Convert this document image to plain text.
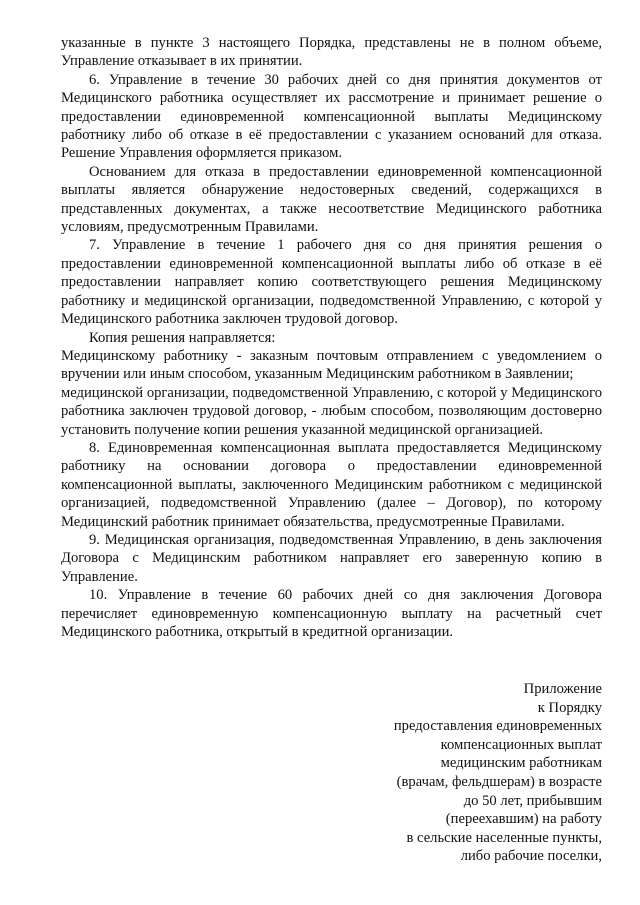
указанные в пункте 3 настоящего Порядка, представлены не в полном объеме, Управление отказывает в их принятии.

6. Управление в течение 30 рабочих дней со дня принятия документов от Медицинского работника осуществляет их рассмотрение и принимает решение о предоставлении единовременной компенсационной выплаты Медицинскому работнику либо об отказе в её предоставлении с указанием оснований для отказа. Решение Управления оформляется приказом.

Основанием для отказа в предоставлении единовременной компенсационной выплаты является обнаружение недостоверных сведений, содержащихся в представленных документах, а также несоответствие Медицинского работника условиям, предусмотренным Правилами.

7. Управление в течение 1 рабочего дня со дня принятия решения о предоставлении единовременной компенсационной выплаты либо об отказе в её предоставлении направляет копию соответствующего решения Медицинскому работнику и медицинской организации, подведомственной Управлению, с которой у Медицинского работника заключен трудовой договор.

Копия решения направляется:

Медицинскому работнику - заказным почтовым отправлением с уведомлением о вручении или иным способом, указанным Медицинским работником в Заявлении;

медицинской организации, подведомственной Управлению, с которой у Медицинского работника заключен трудовой договор, - любым способом, позволяющим достоверно установить получение копии решения указанной медицинской организацией.

8. Единовременная компенсационная выплата предоставляется Медицинскому работнику на основании договора о предоставлении единовременной компенсационной выплаты, заключенного Медицинским работником с медицинской организацией, подведомственной Управлению (далее – Договор), по которому Медицинский работник принимает обязательства, предусмотренные Правилами.

9. Медицинская организация, подведомственная Управлению, в день заключения Договора с Медицинским работником направляет его заверенную копию в Управление.

10. Управление в течение 60 рабочих дней со дня заключения Договора перечисляет единовременную компенсационную выплату на расчетный счет Медицинского работника, открытый в кредитной организации.

Приложение
к Порядку
предоставления единовременных
компенсационных выплат
медицинским работникам
(врачам, фельдшерам) в возрасте
до 50 лет, прибывшим
(переехавшим) на работу
в сельские населенные пункты,
либо рабочие поселки,
